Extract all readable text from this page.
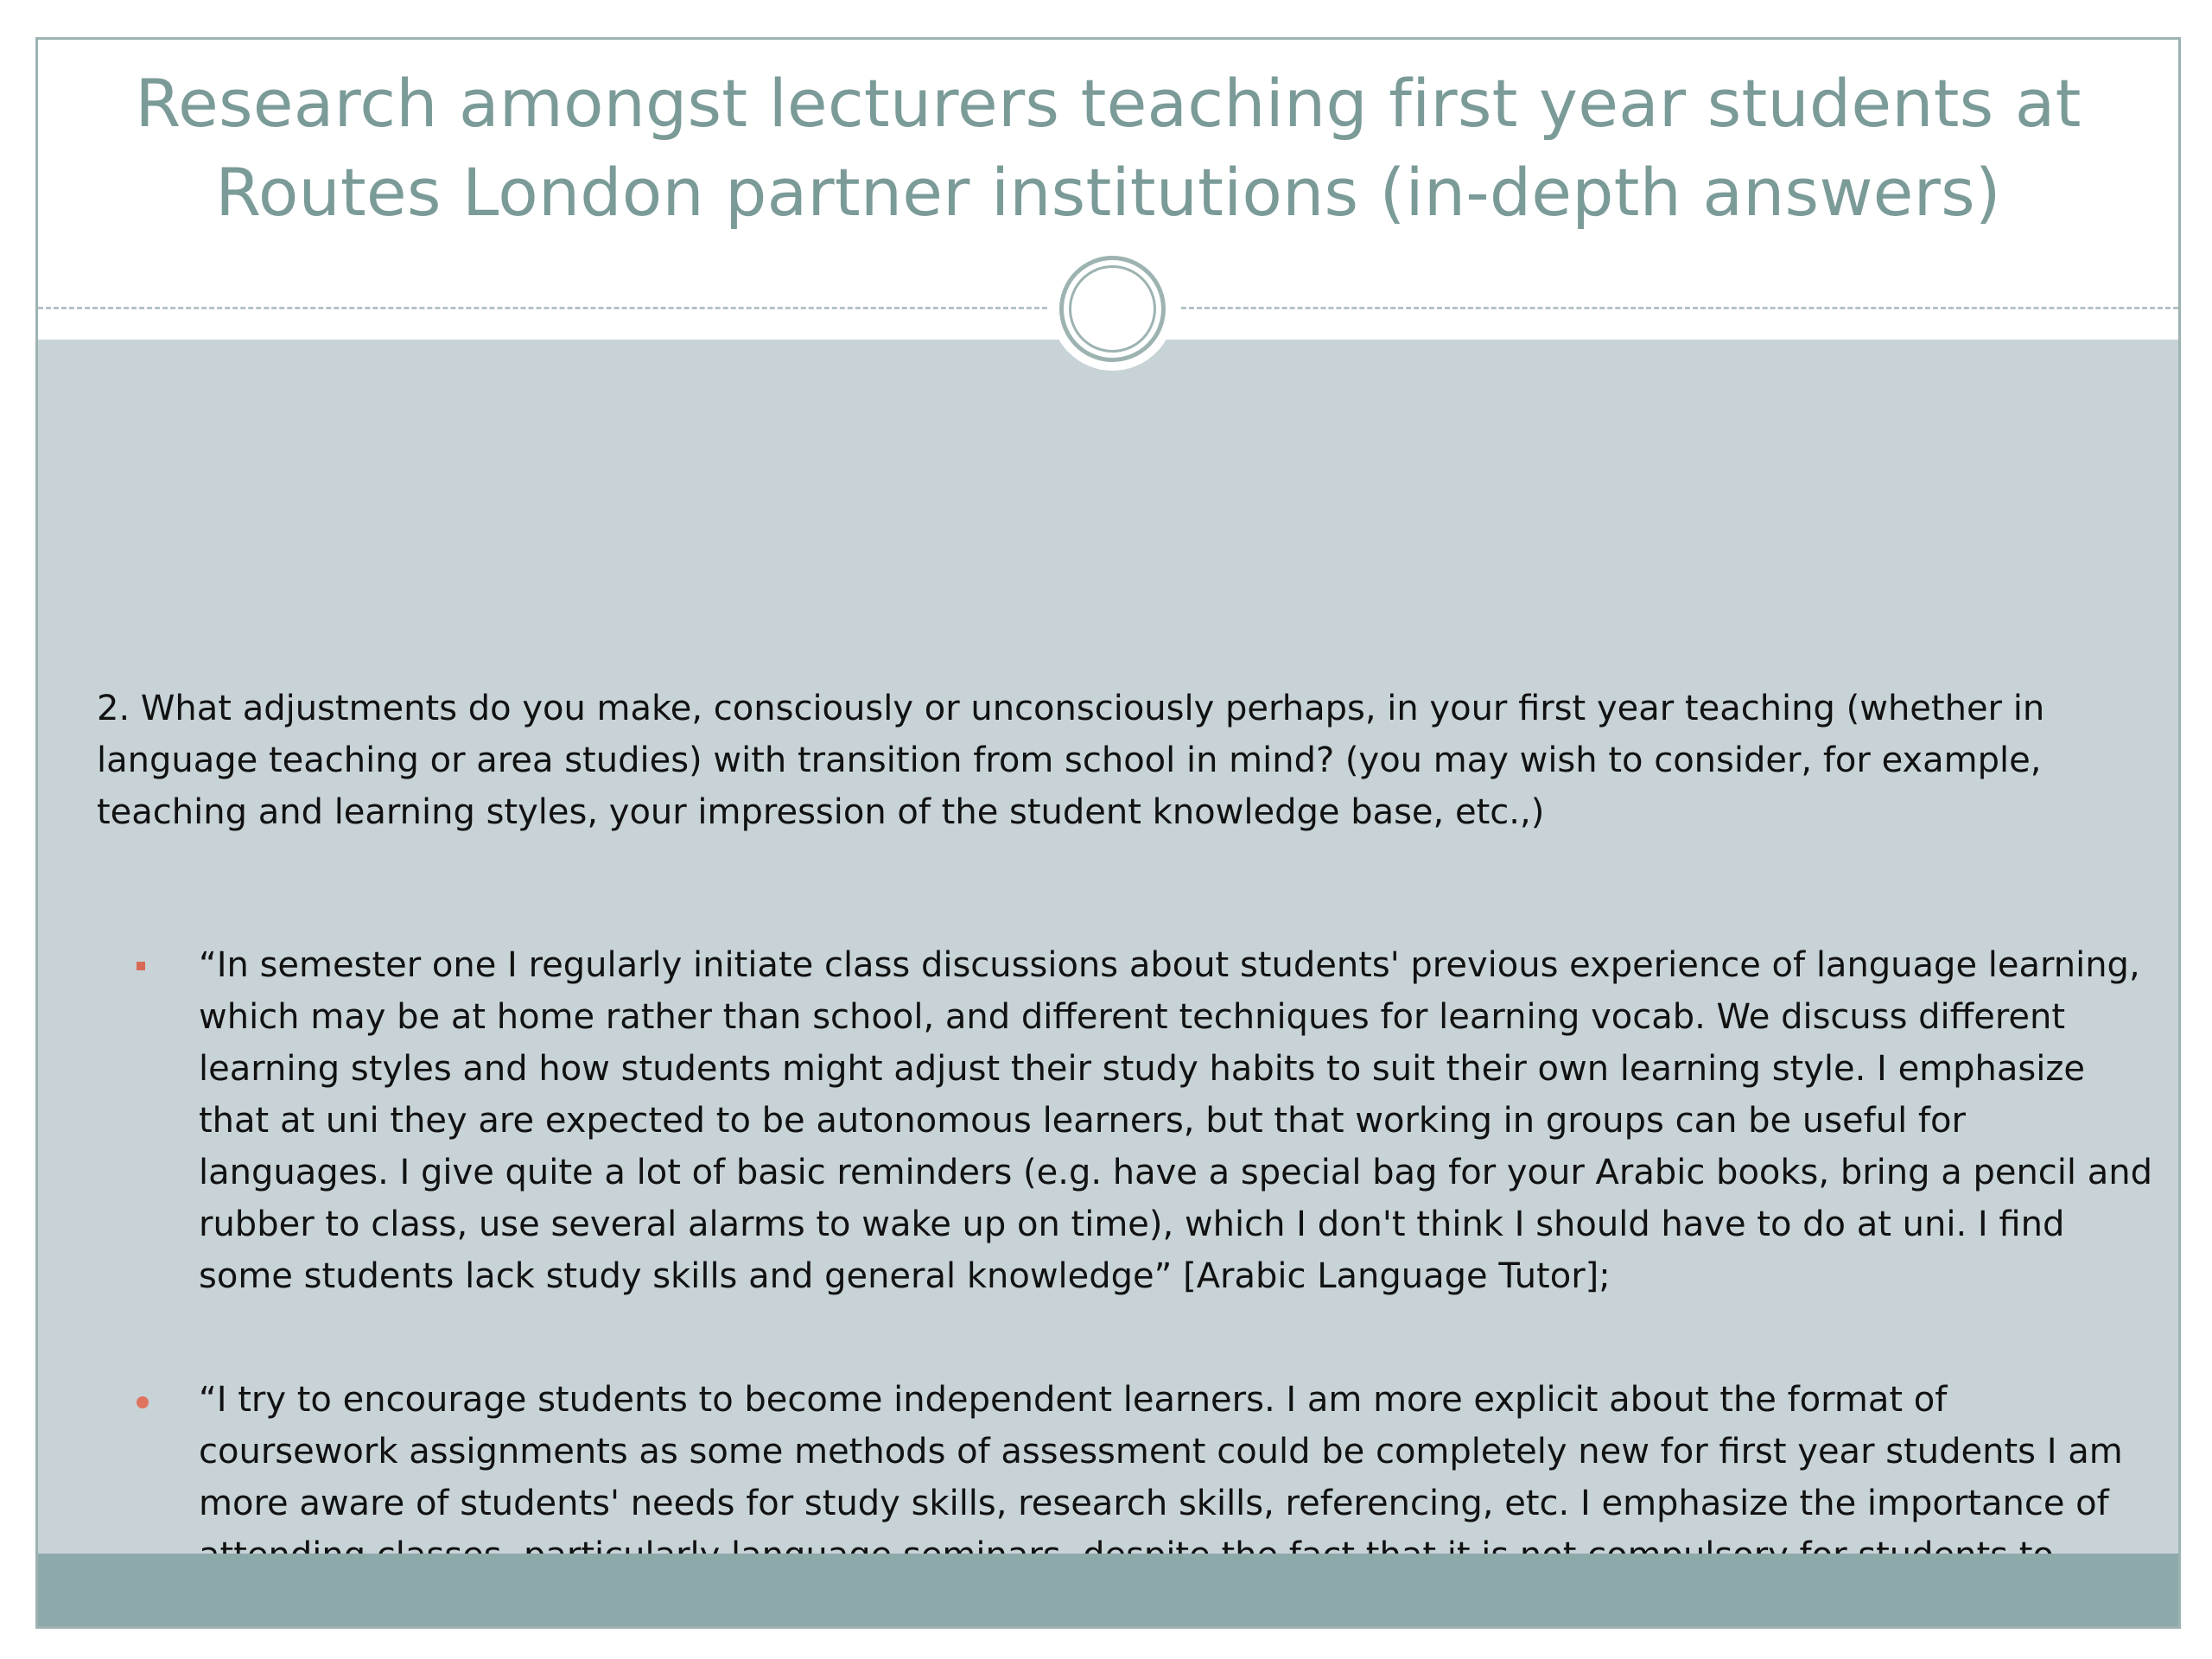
Research amongst lecturers teaching first year students at Routes London partner institutions (in-depth answers)
2. What adjustments do you make, consciously or unconsciously perhaps, in your first year teaching (whether in language teaching or area studies) with transition from school in mind? (you may wish to consider, for example, teaching and learning styles, your impression of the student knowledge base, etc.,)
“In semester one I regularly initiate class discussions about students' previous experience of language learning, which may be at home rather than school, and different techniques for learning vocab. We discuss different learning styles and how students might adjust their study habits to suit their own learning style. I emphasize that at uni they are expected to be autonomous learners, but that working in groups can be useful for languages. I give quite a lot of basic reminders (e.g. have a special bag for your Arabic books, bring a pencil and rubber to class, use several alarms to wake up on time), which I don't think I should have to do at uni. I find some students lack study skills and general knowledge” [Arabic Language Tutor];
“I try to encourage students to become independent learners. I am more explicit about the format of coursework assignments as some methods of assessment could be completely new for first year students I am more aware of students' needs for study skills, research skills, referencing, etc. I emphasize the importance of
